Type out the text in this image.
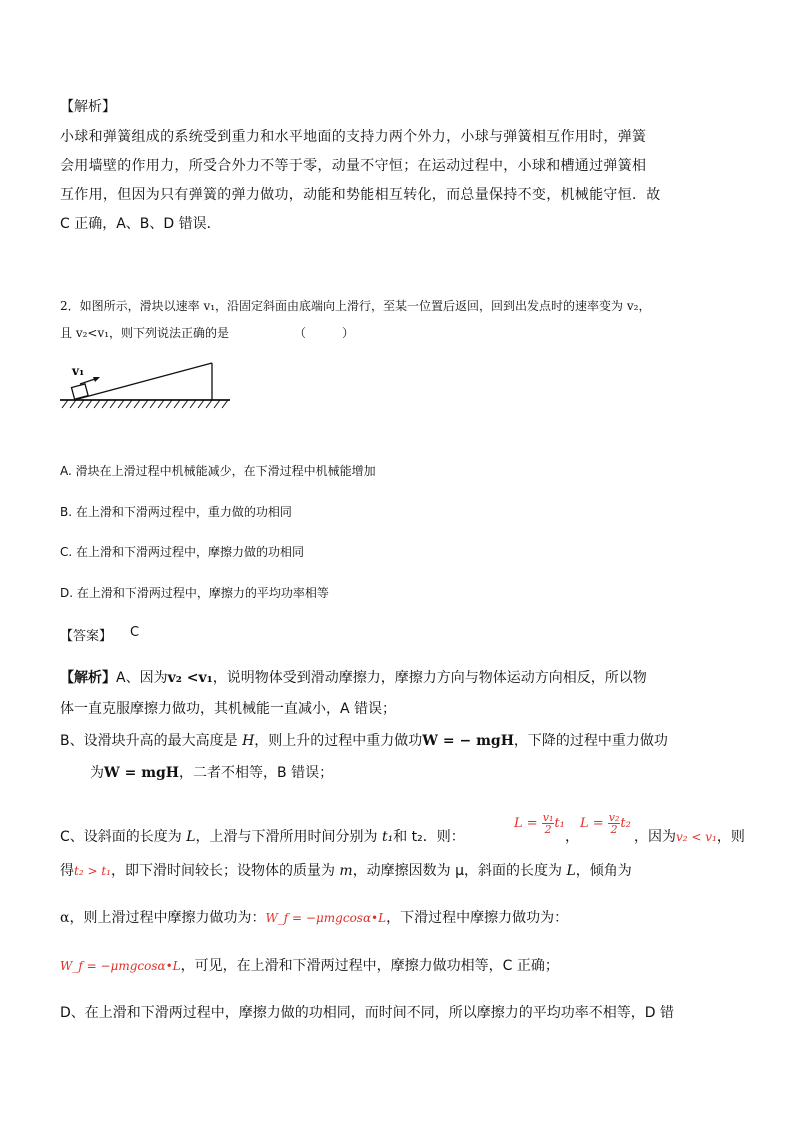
【解析】
小球和弹簧组成的系统受到重力和水平地面的支持力两个外力，小球与弹簧相互作用时，弹簧
会用墙壁的作用力，所受合外力不等于零，动量不守恒；在运动过程中，小球和槽通过弹簧相
互作用，但因为只有弹簧的弹力做功，动能和势能相互转化，而总量保持不变，机械能守恒．故
C 正确，A、B、D 错误．
2．如图所示，滑块以速率 v₁，沿固定斜面由底端向上滑行，至某一位置后返回，回到出发点时的速率变为 v₂，
且 v₂<v₁，则下列说法正确的是	（　　　）
v₁
A. 滑块在上滑过程中机械能减少，在下滑过程中机械能增加
B. 在上滑和下滑两过程中，重力做的功相同
C. 在上滑和下滑两过程中，摩擦力做的功相同
D. 在上滑和下滑两过程中，摩擦力的平均功率相等
【答案】 C
【解析】A、因为v₂ <v₁，说明物体受到滑动摩擦力，摩擦力方向与物体运动方向相反，所以物
体一直克服摩擦力做功，其机械能一直减小，A 错误；
B、设滑块升高的最大高度是 H，则上升的过程中重力做功W = − mgH，下降的过程中重力做功
为W = mgH，二者不相等，B 错误；
C、设斜面的长度为 L，上滑与下滑所用时间分别为 t₁和 t₂．则：
$L = \frac{\text{v₁}}{2} t_1$
，
$L = \frac{\text{v₂}}{2} t_2$
，因为v₂ < v₁，则
得t₂ > t₁，即下滑时间较长；设物体的质量为 m，动摩擦因数为 μ，斜面的长度为 L，倾角为
α，则上滑过程中摩擦力做功为：W_f = −μmgcosα•L，下滑过程中摩擦力做功为：
W_f = −μmgcosα•L，可见，在上滑和下滑两过程中，摩擦力做功相等，C 正确；
D、在上滑和下滑两过程中，摩擦力做的功相同，而时间不同，所以摩擦力的平均功率不相等，D 错
